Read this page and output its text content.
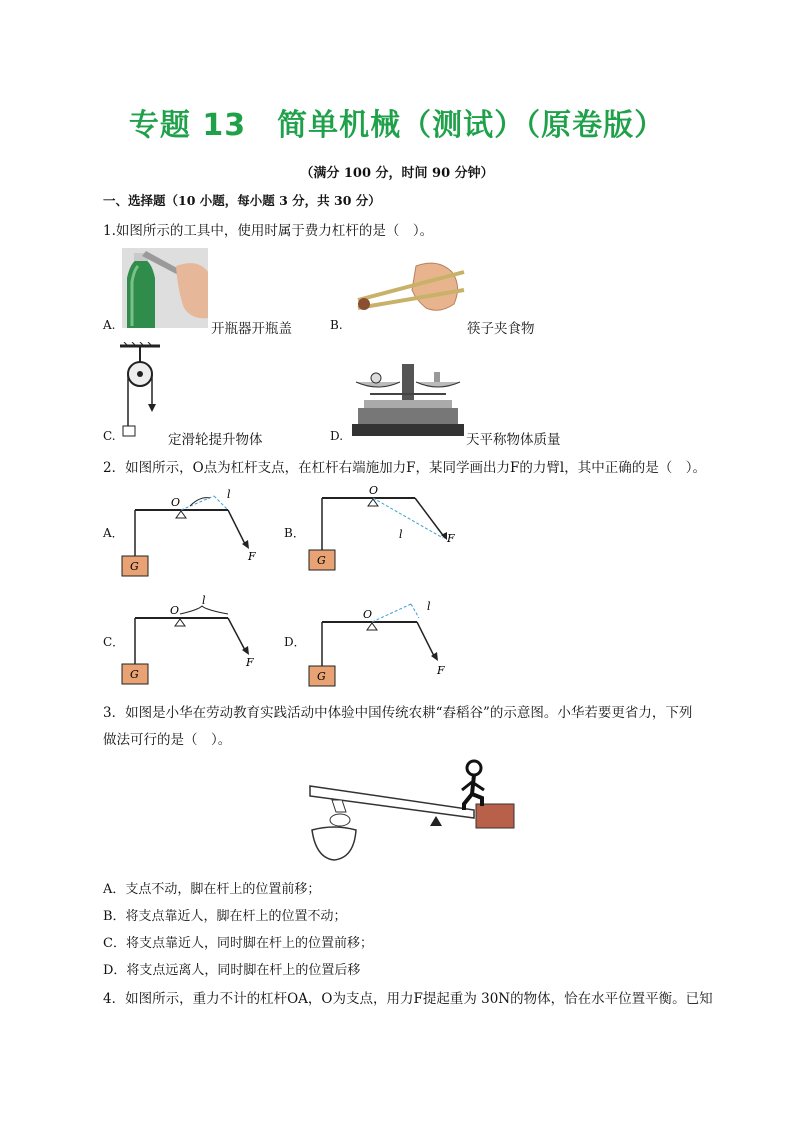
专题 13　简单机械（测试）（原卷版）
（满分 100 分，时间 90 分钟）
一、选择题（10 小题，每小题 3 分，共 30 分）
1.如图所示的工具中，使用时属于费力杠杆的是（　）。
A.	开瓶器开瓶盖	B.	筷子夹食物
C.	定滑轮提升物体	D.	天平称物体质量
2．如图所示，O点为杠杆支点，在杠杆右端施加力F，某同学画出力F的力臂l，其中正确的是（　）。
A．
O
l
F
G
B．
O
l	F
G
C．
O
l
F
G
D．
O
l
F
G
3．如图是小华在劳动教育实践活动中体验中国传统农耕“舂稻谷”的示意图。小华若要更省力，下列
做法可行的是（　）。
A．支点不动，脚在杆上的位置前移；
B．将支点靠近人，脚在杆上的位置不动；
C．将支点靠近人，同时脚在杆上的位置前移；
D．将支点远离人，同时脚在杆上的位置后移
4．如图所示，重力不计的杠杆OA，O为支点，用力F提起重为 30N的物体，恰在水平位置平衡。已知
